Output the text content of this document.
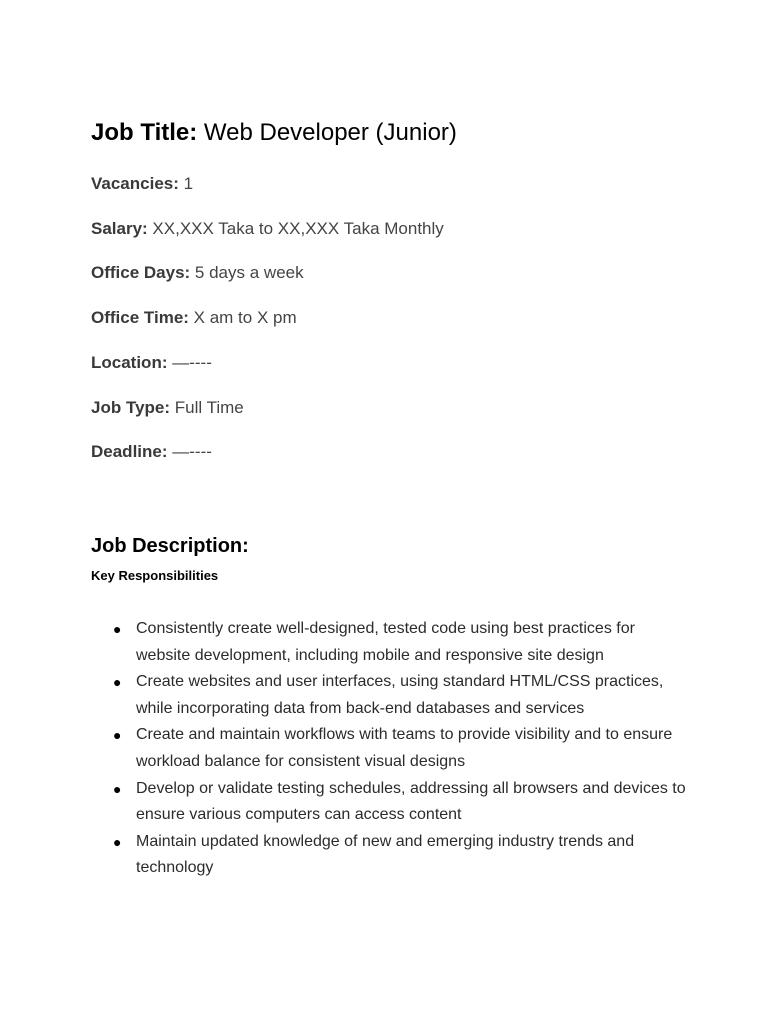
Job Title: Web Developer (Junior)
Vacancies: 1
Salary: XX,XXX Taka to XX,XXX Taka Monthly
Office Days: 5 days a week
Office Time: X am to X pm
Location: —----
Job Type: Full Time
Deadline: —----
Job Description:
Key Responsibilities
● Consistently create well-designed, tested code using best practices for website development, including mobile and responsive site design
● Create websites and user interfaces, using standard HTML/CSS practices, while incorporating data from back-end databases and services
● Create and maintain workflows with teams to provide visibility and to ensure workload balance for consistent visual designs
● Develop or validate testing schedules, addressing all browsers and devices to ensure various computers can access content
● Maintain updated knowledge of new and emerging industry trends and technology
